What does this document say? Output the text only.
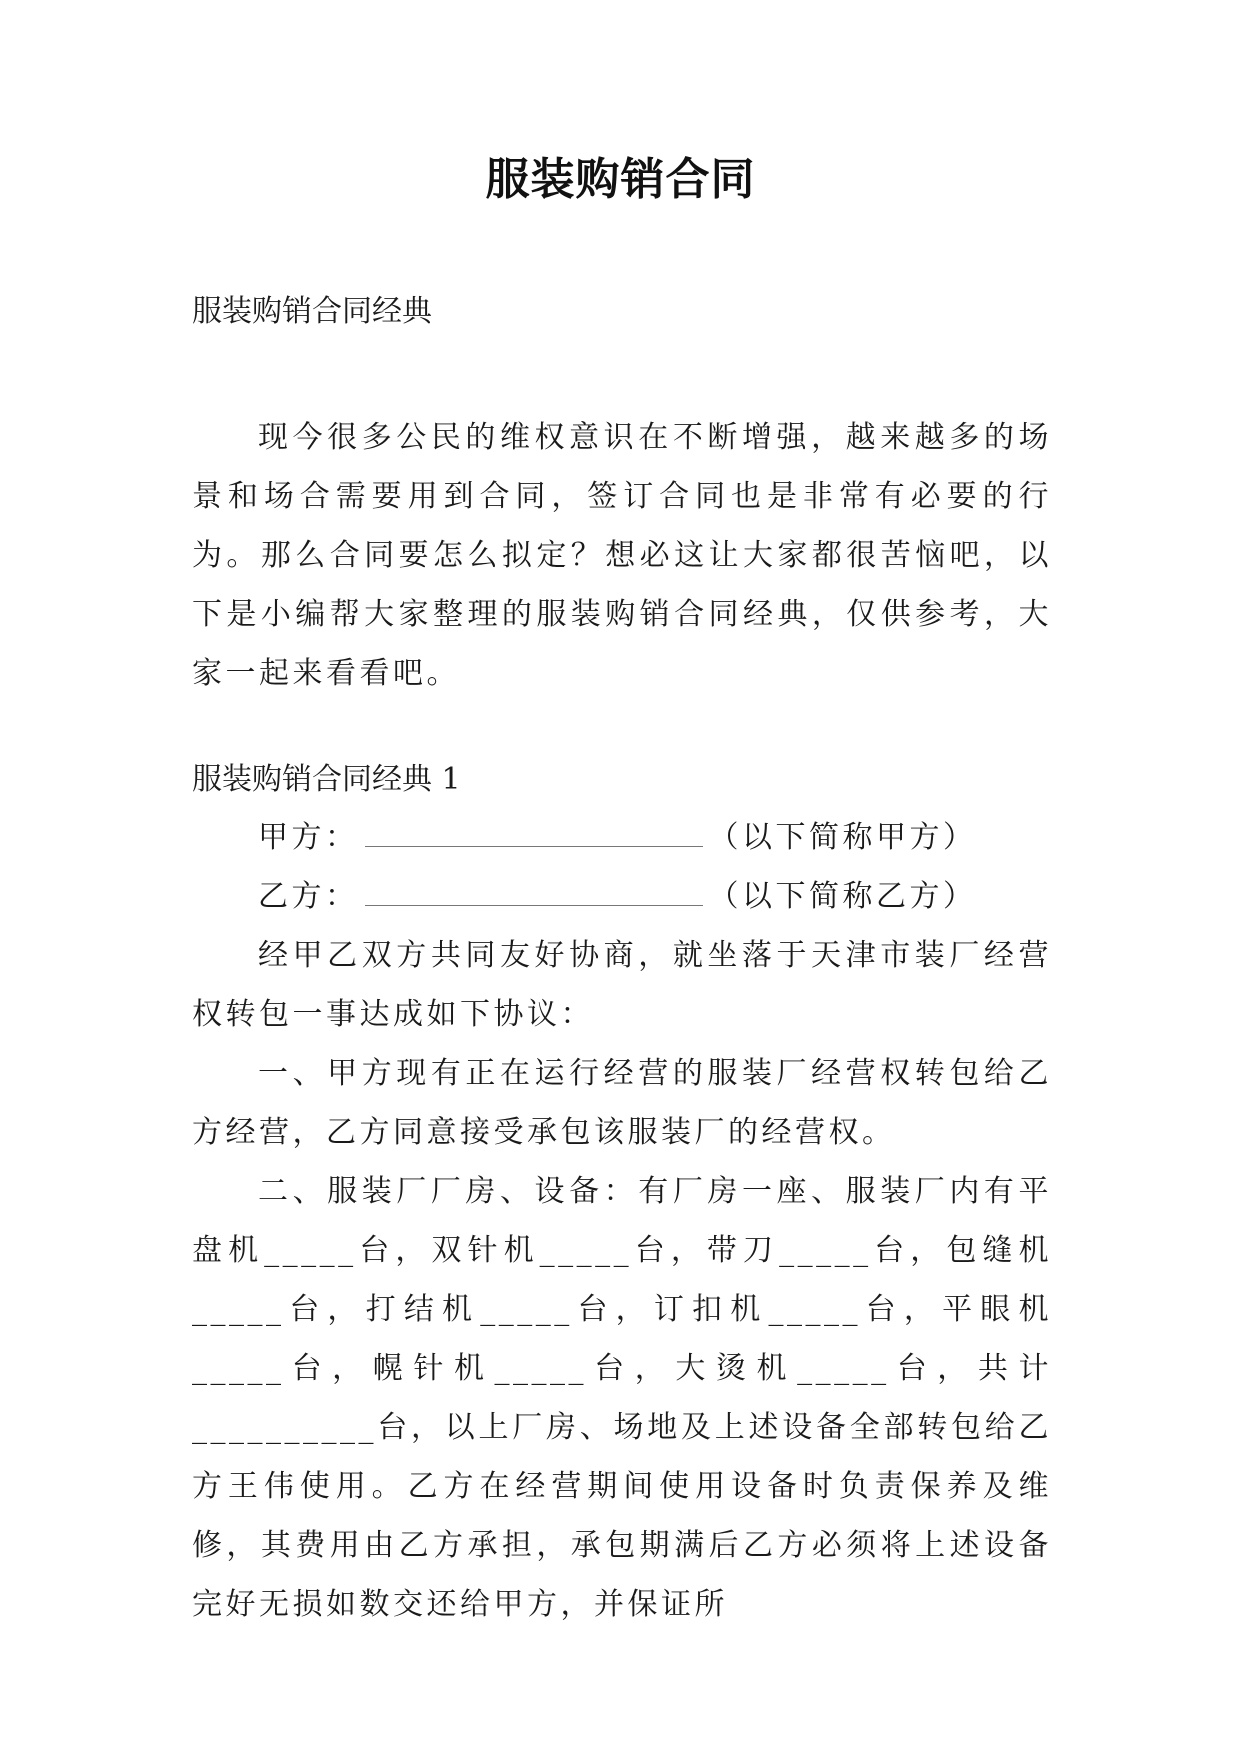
服装购销合同
服装购销合同经典

现今很多公民的维权意识在不断增强，越来越多的场景和场合需要用到合同，签订合同也是非常有必要的行为。那么合同要怎么拟定？想必这让大家都很苦恼吧，以下是小编帮大家整理的服装购销合同经典，仅供参考，大家一起来看看吧。

服装购销合同经典 1

甲方：	（以下简称甲方）

乙方：	（以下简称乙方）

经甲乙双方共同友好协商，就坐落于天津市装厂经营权转包一事达成如下协议：

一、甲方现有正在运行经营的服装厂经营权转包给乙方经营，乙方同意接受承包该服装厂的经营权。

二、服装厂厂房、设备：有厂房一座、服装厂内有平盘机_____台，双针机_____台，带刀_____台，包缝机_____台，打结机_____台，订扣机_____台，平眼机_____台，幌针机_____台，大烫机_____台，共计__________台，以上厂房、场地及上述设备全部转包给乙方王伟使用。乙方在经营期间使用设备时负责保养及维修，其费用由乙方承担，承包期满后乙方必须将上述设备完好无损如数交还给甲方，并保证所
